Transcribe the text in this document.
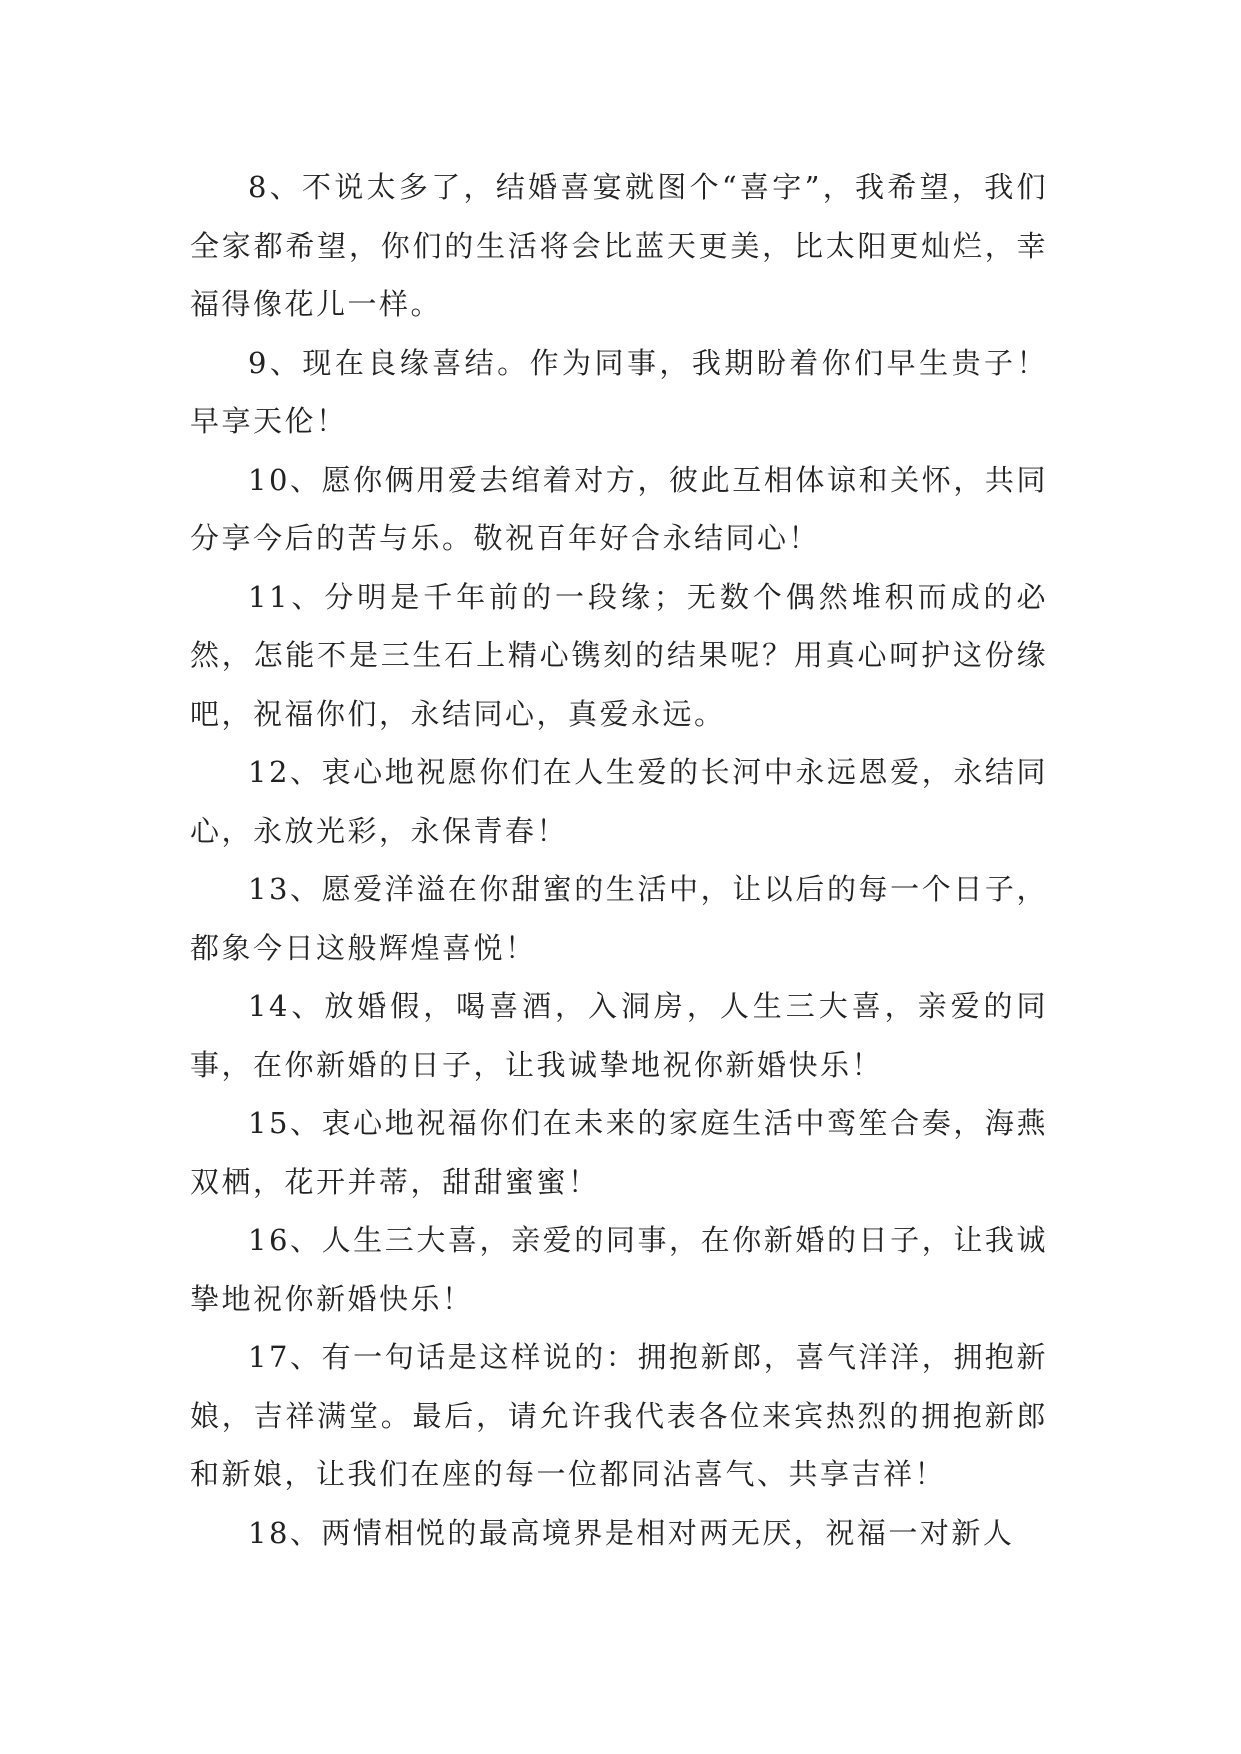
8、不说太多了，结婚喜宴就图个“喜字”，我希望，我们全家都希望，你们的生活将会比蓝天更美，比太阳更灿烂，幸福得像花儿一样。

9、现在良缘喜结。作为同事，我期盼着你们早生贵子！早享天伦！

10、愿你俩用爱去绾着对方，彼此互相体谅和关怀，共同分享今后的苦与乐。敬祝百年好合永结同心！

11、分明是千年前的一段缘；无数个偶然堆积而成的必然，怎能不是三生石上精心镌刻的结果呢？用真心呵护这份缘吧，祝福你们，永结同心，真爱永远。

12、衷心地祝愿你们在人生爱的长河中永远恩爱，永结同心，永放光彩，永保青春！

13、愿爱洋溢在你甜蜜的生活中，让以后的每一个日子，都象今日这般辉煌喜悦！

14、放婚假，喝喜酒，入洞房，人生三大喜，亲爱的同事，在你新婚的日子，让我诚挚地祝你新婚快乐！

15、衷心地祝福你们在未来的家庭生活中鸾笙合奏，海燕双栖，花开并蒂，甜甜蜜蜜！

16、人生三大喜，亲爱的同事，在你新婚的日子，让我诚挚地祝你新婚快乐！

17、有一句话是这样说的：拥抱新郎，喜气洋洋，拥抱新娘，吉祥满堂。最后，请允许我代表各位来宾热烈的拥抱新郎和新娘，让我们在座的每一位都同沾喜气、共享吉祥！

18、两情相悦的最高境界是相对两无厌，祝福一对新人
